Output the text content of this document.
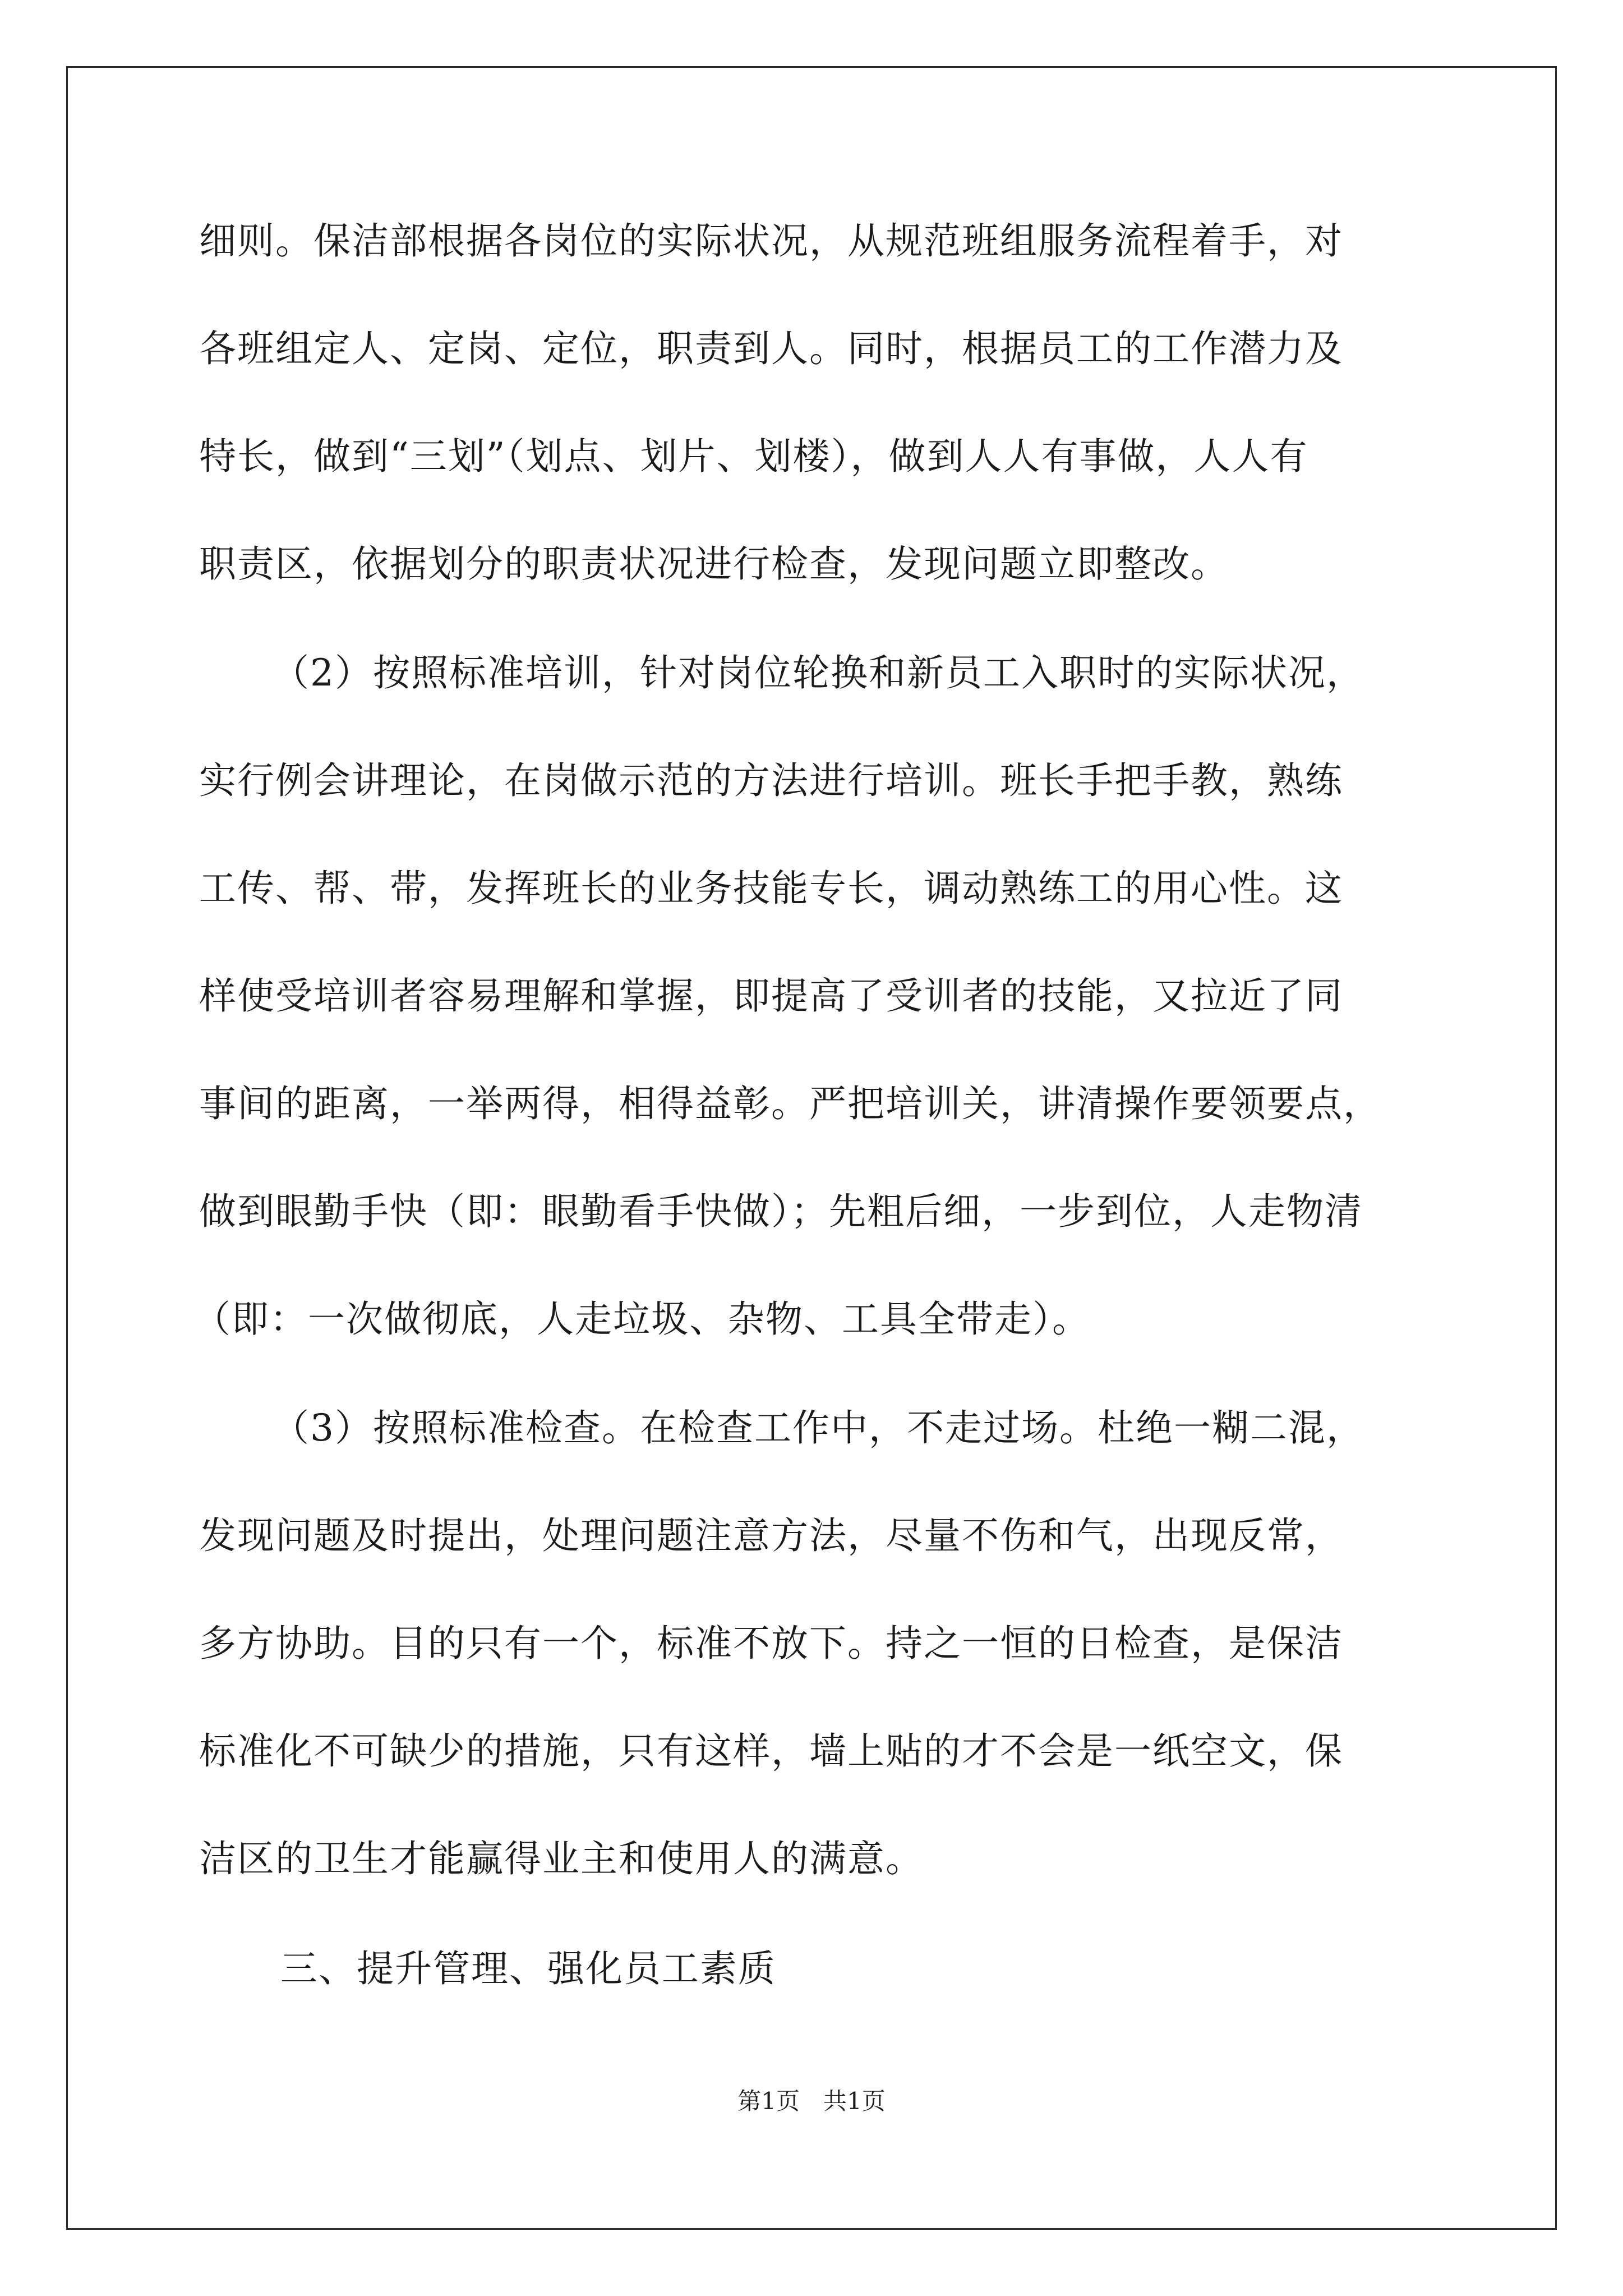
细则。保洁部根据各岗位的实际状况，从规范班组服务流程着手，对
各班组定人、定岗、定位，职责到人。同时，根据员工的工作潜力及
特长，做到“三划”（划点、划片、划楼），做到人人有事做，人人有
职责区，依据划分的职责状况进行检查，发现问题立即整改。
（2）按照标准培训，针对岗位轮换和新员工入职时的实际状况，
实行例会讲理论，在岗做示范的方法进行培训。班长手把手教，熟练
工传、帮、带，发挥班长的业务技能专长，调动熟练工的用心性。这
样使受培训者容易理解和掌握，即提高了受训者的技能，又拉近了同
事间的距离，一举两得，相得益彰。严把培训关，讲清操作要领要点，
做到眼勤手快（即：眼勤看手快做）；先粗后细，一步到位，人走物清
（即：一次做彻底，人走垃圾、杂物、工具全带走）。
（3）按照标准检查。在检查工作中，不走过场。杜绝一糊二混，
发现问题及时提出，处理问题注意方法，尽量不伤和气，出现反常，
多方协助。目的只有一个，标准不放下。持之一恒的日检查，是保洁
标准化不可缺少的措施，只有这样，墙上贴的才不会是一纸空文，保
洁区的卫生才能赢得业主和使用人的满意。
三、提升管理、强化员工素质
第1页　共1页
